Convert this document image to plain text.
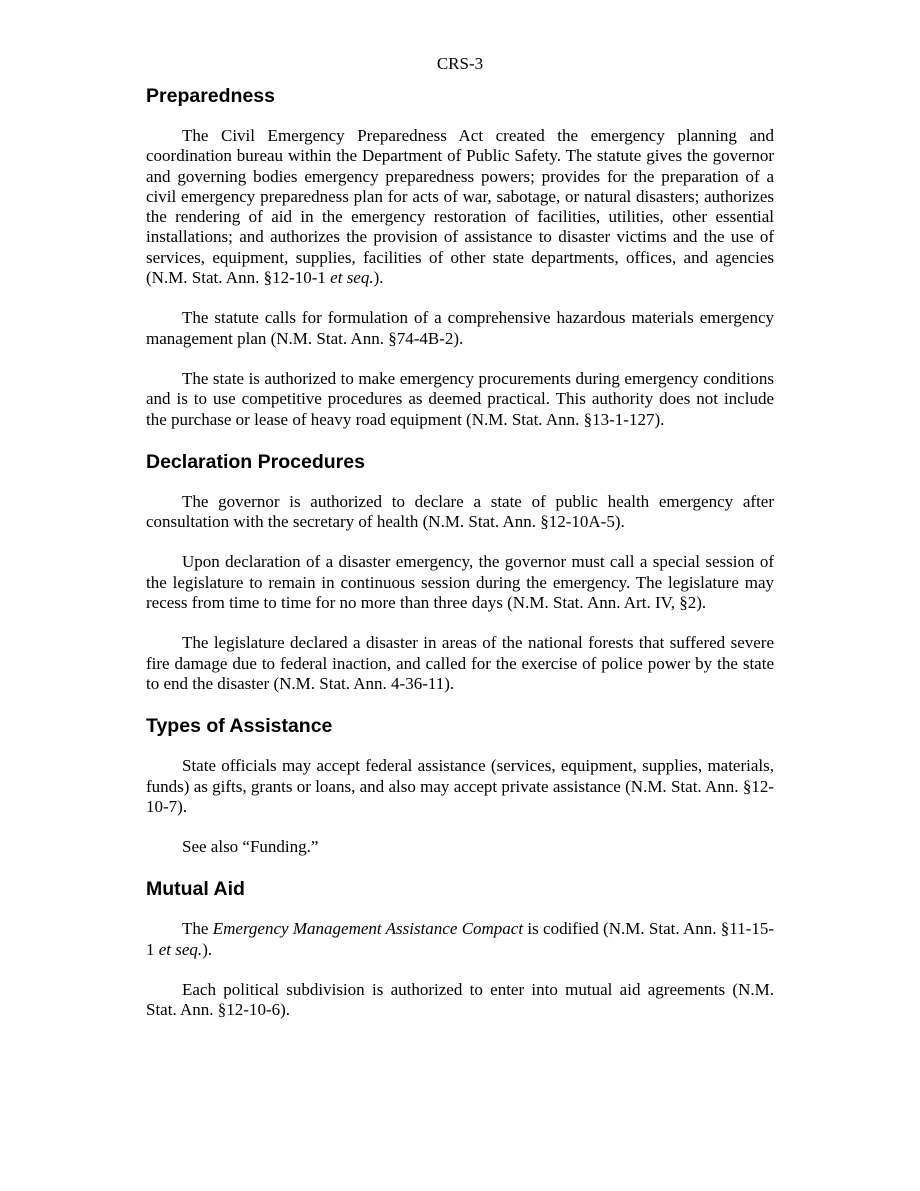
CRS-3
Preparedness

The Civil Emergency Preparedness Act created the emergency planning and coordination bureau within the Department of Public Safety. The statute gives the governor and governing bodies emergency preparedness powers; provides for the preparation of a civil emergency preparedness plan for acts of war, sabotage, or natural disasters; authorizes the rendering of aid in the emergency restoration of facilities, utilities, other essential installations; and authorizes the provision of assistance to disaster victims and the use of services, equipment, supplies, facilities of other state departments, offices, and agencies (N.M. Stat. Ann. §12-10-1 et seq.).

The statute calls for formulation of a comprehensive hazardous materials emergency management plan (N.M. Stat. Ann. §74-4B-2).

The state is authorized to make emergency procurements during emergency conditions and is to use competitive procedures as deemed practical. This authority does not include the purchase or lease of heavy road equipment (N.M. Stat. Ann. §13-1-127).

Declaration Procedures

The governor is authorized to declare a state of public health emergency after consultation with the secretary of health (N.M. Stat. Ann. §12-10A-5).

Upon declaration of a disaster emergency, the governor must call a special session of the legislature to remain in continuous session during the emergency. The legislature may recess from time to time for no more than three days (N.M. Stat. Ann. Art. IV, §2).

The legislature declared a disaster in areas of the national forests that suffered severe fire damage due to federal inaction, and called for the exercise of police power by the state to end the disaster (N.M. Stat. Ann. 4-36-11).

Types of Assistance

State officials may accept federal assistance (services, equipment, supplies, materials, funds) as gifts, grants or loans, and also may accept private assistance (N.M. Stat. Ann. §12-10-7).

See also “Funding.”

Mutual Aid

The Emergency Management Assistance Compact is codified (N.M. Stat. Ann. §11-15-1 et seq.).

Each political subdivision is authorized to enter into mutual aid agreements (N.M. Stat. Ann. §12-10-6).
